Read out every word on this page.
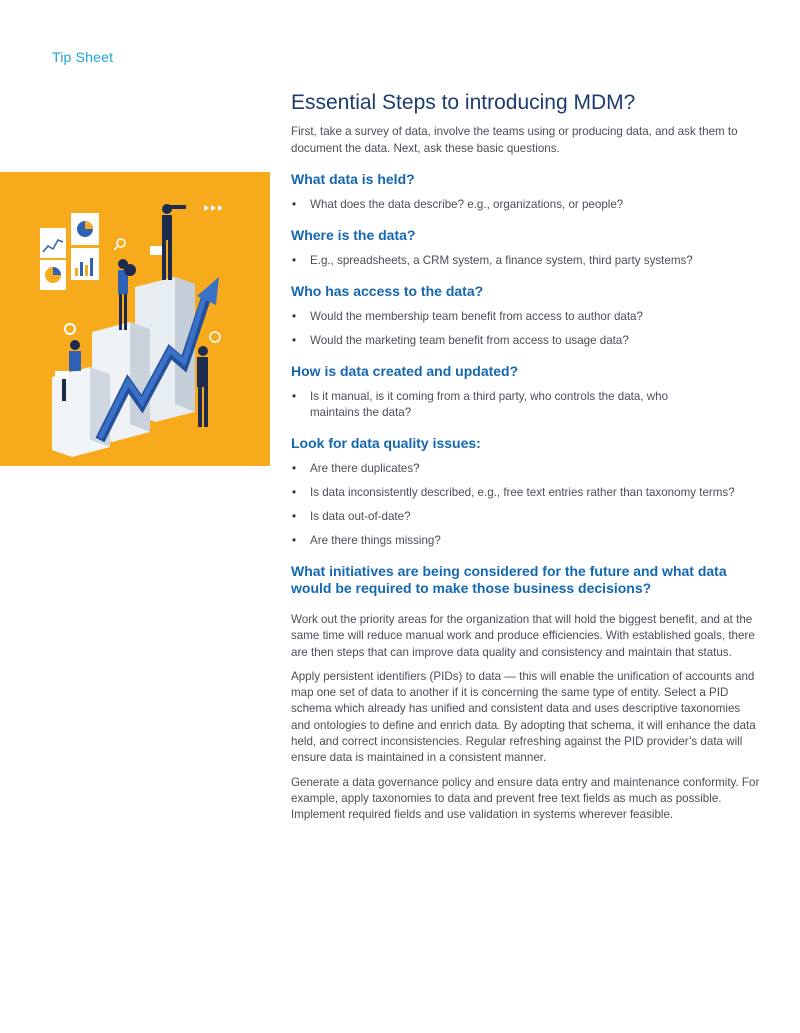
Tip Sheet
Essential Steps to introducing MDM?

First, take a survey of data, involve the teams using or producing data, and ask them to document the data. Next, ask these basic questions.

What data is held?
• What does the data describe? e.g., organizations, or people?
Where is the data?
• E.g., spreadsheets, a CRM system, a finance system, third party systems?
Who has access to the data?
• Would the membership team benefit from access to author data?
• Would the marketing team benefit from access to usage data?
How is data created and updated?
• Is it manual, is it coming from a third party, who controls the data, who maintains the data?
Look for data quality issues:
• Are there duplicates?
• Is data inconsistently described, e.g., free text entries rather than taxonomy terms?
• Is data out-of-date?
• Are there things missing?
What initiatives are being considered for the future and what data would be required to make those business decisions?

Work out the priority areas for the organization that will hold the biggest benefit, and at the same time will reduce manual work and produce efficiencies. With established goals, there are then steps that can improve data quality and consistency and maintain that status.

Apply persistent identifiers (PIDs) to data — this will enable the unification of accounts and map one set of data to another if it is concerning the same type of entity. Select a PID schema which already has unified and consistent data and uses descriptive taxonomies and ontologies to define and enrich data. By adopting that schema, it will enhance the data held, and correct inconsistencies. Regular refreshing against the PID provider’s data will ensure data is maintained in a consistent manner.

Generate a data governance policy and ensure data entry and maintenance conformity. For example, apply taxonomies to data and prevent free text fields as much as possible. Implement required fields and use validation in systems wherever feasible.
